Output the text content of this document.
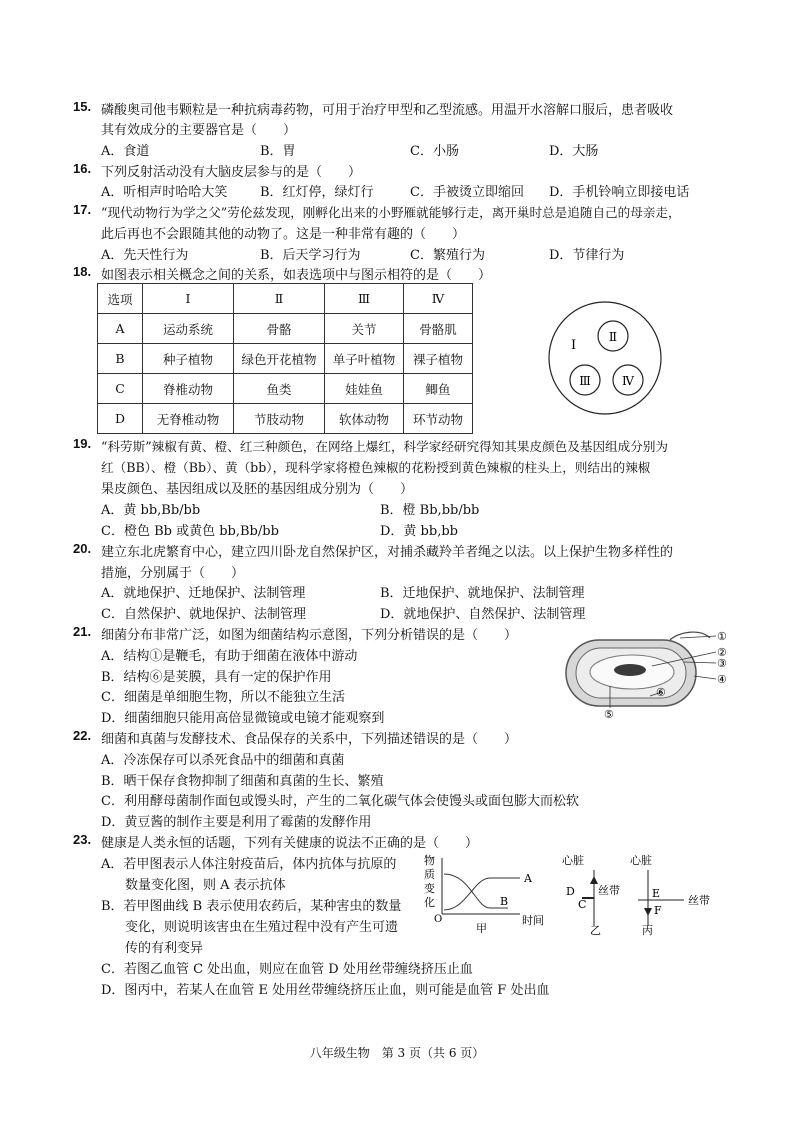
15. 磷酸奥司他韦颗粒是一种抗病毒药物，可用于治疗甲型和乙型流感。用温开水溶解口服后，患者吸收
其有效成分的主要器官是（　　）
A．食道	B．胃	C．小肠	D．大肠
16. 下列反射活动没有大脑皮层参与的是（　　）
A．听相声时哈哈大笑	B．红灯停，绿灯行	C．手被烫立即缩回 D．手机铃响立即接电话
17. “现代动物行为学之父”劳伦兹发现，刚孵化出来的小野雁就能够行走，离开巢时总是追随自己的母亲走，
此后再也不会跟随其他的动物了。这是一种非常有趣的（　　）
A．先天性行为	B．后天学习行为	C．繁殖行为	D．节律行为
18. 如图表示相关概念之间的关系，如表选项中与图示相符的是（　　）
选项	Ⅰ	Ⅱ	Ⅲ	Ⅳ
A	运动系统	骨骼	关节	骨骼肌
B	种子植物	绿色开花植物	单子叶植物	裸子植物
C	脊椎动物	鱼类	娃娃鱼	鲫鱼
D	无脊椎动物	节肢动物	软体动物	环节动物
Ⅰ
Ⅱ
Ⅲ	Ⅳ
19. “科劳斯”辣椒有黄、橙、红三种颜色，在网络上爆红，科学家经研究得知其果皮颜色及基因组成分别为
红（BB）、橙（Bb）、黄（bb），现科学家将橙色辣椒的花粉授到黄色辣椒的柱头上，则结出的辣椒
果皮颜色、基因组成以及胚的基因组成分别为（　　）
A．黄 bb,Bb/bb	B．橙 Bb,bb/bb
C．橙色 Bb 或黄色 bb,Bb/bb	D．黄 bb,bb
20. 建立东北虎繁育中心，建立四川卧龙自然保护区，对捕杀藏羚羊者绳之以法。以上保护生物多样性的
措施，分别属于（　　）
A．就地保护、迁地保护、法制管理	B．迁地保护、就地保护、法制管理
C．自然保护、就地保护、法制管理	D．就地保护、自然保护、法制管理
21. 细菌分布非常广泛，如图为细菌结构示意图，下列分析错误的是（　　）
A．结构①是鞭毛，有助于细菌在液体中游动
B．结构⑥是荚膜，具有一定的保护作用
C．细菌是单细胞生物，所以不能独立生活
D．细菌细胞只能用高倍显微镜或电镜才能观察到
①
②
③
④
⑤
⑥
22. 细菌和真菌与发酵技术、食品保存的关系中，下列描述错误的是（　　）
A．冷冻保存可以杀死食品中的细菌和真菌
B．晒干保存食物抑制了细菌和真菌的生长、繁殖
C．利用酵母菌制作面包或馒头时，产生的二氧化碳气体会使馒头或面包膨大而松软
D．黄豆酱的制作主要是利用了霉菌的发酵作用
23. 健康是人类永恒的话题，下列有关健康的说法不正确的是（　　）
A．若甲图表示人体注射疫苗后，体内抗体与抗原的
数量变化图，则 A 表示抗体
B．若甲图曲线 B 表示使用农药后，某种害虫的数量
变化，则说明该害虫在生殖过程中没有产生可遗
传的有利变异
C．若图乙血管 C 处出血，则应在血管 D 处用丝带缠绕挤压止血
D．图丙中，若某人在血管 E 处用丝带缠绕挤压止血，则可能是血管 F 处出血
物
质
变
化
O
A
B
时间
甲
心脏
D
C
丝带
乙
心脏
E
F
丝带
丙
八年级生物　第 3 页（共 6 页）
